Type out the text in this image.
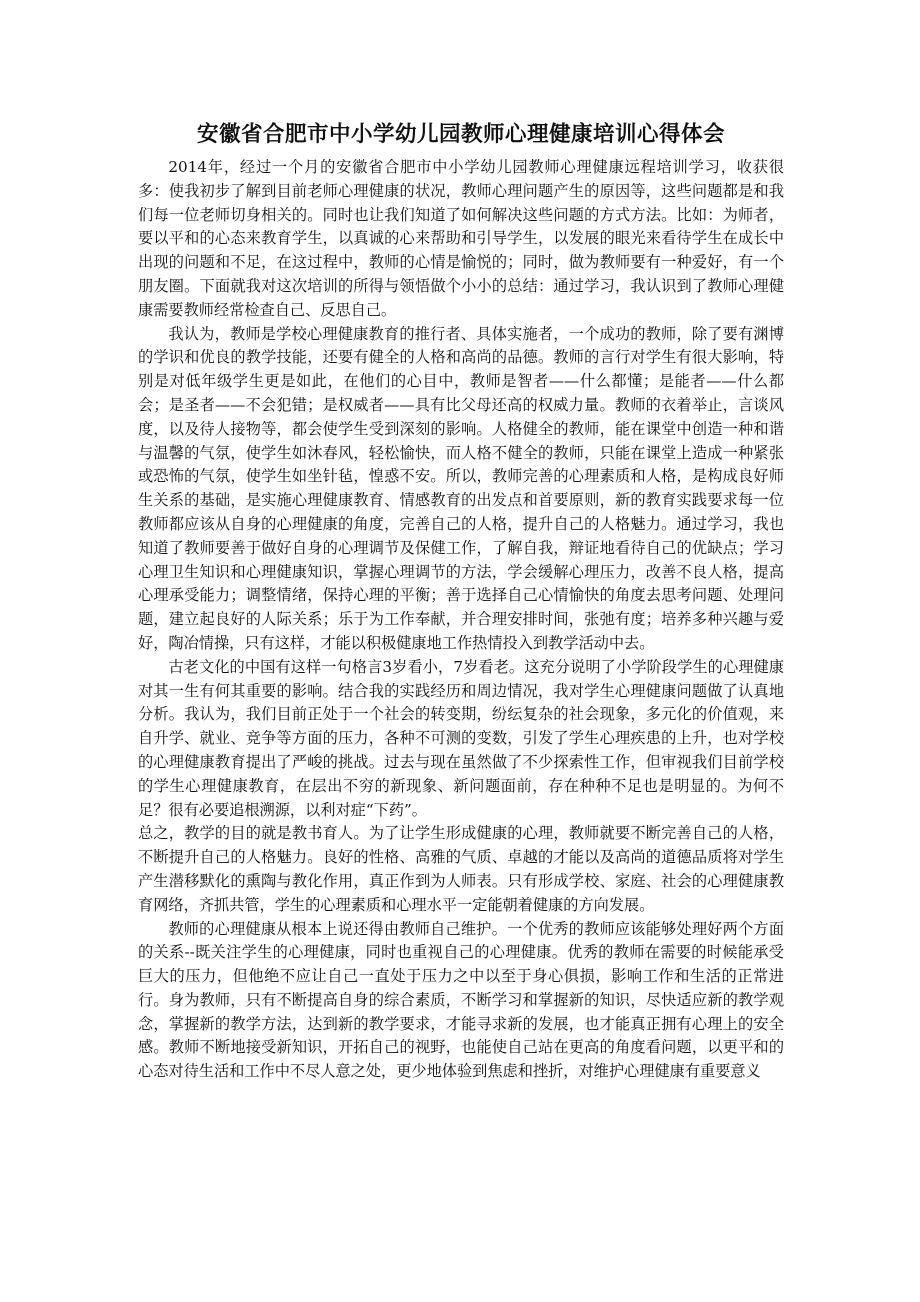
安徽省合肥市中小学幼儿园教师心理健康培训心得体会

2014年，经过一个月的安徽省合肥市中小学幼儿园教师心理健康远程培训学习，收获很多：使我初步了解到目前老师心理健康的状况，教师心理问题产生的原因等，这些问题都是和我们每一位老师切身相关的。同时也让我们知道了如何解决这些问题的方式方法。比如：为师者，要以平和的心态来教育学生，以真诚的心来帮助和引导学生，以发展的眼光来看待学生在成长中出现的问题和不足，在这过程中，教师的心情是愉悦的；同时，做为教师要有一种爱好，有一个朋友圈。下面就我对这次培训的所得与领悟做个小小的总结：通过学习，我认识到了教师心理健康需要教师经常检查自己、反思自己。

我认为，教师是学校心理健康教育的推行者、具体实施者，一个成功的教师，除了要有渊博的学识和优良的教学技能，还要有健全的人格和高尚的品德。教师的言行对学生有很大影响，特别是对低年级学生更是如此，在他们的心目中，教师是智者——什么都懂；是能者——什么都会；是圣者——不会犯错；是权威者——具有比父母还高的权威力量。教师的衣着举止，言谈风度，以及待人接物等，都会使学生受到深刻的影响。人格健全的教师，能在课堂中创造一种和谐与温馨的气氛，使学生如沐春风，轻松愉快，而人格不健全的教师，只能在课堂上造成一种紧张或恐怖的气氛，使学生如坐针毡，惶惑不安。所以，教师完善的心理素质和人格，是构成良好师生关系的基础，是实施心理健康教育、情感教育的出发点和首要原则，新的教育实践要求每一位教师都应该从自身的心理健康的角度，完善自己的人格，提升自己的人格魅力。通过学习，我也知道了教师要善于做好自身的心理调节及保健工作，了解自我，辩证地看待自己的优缺点；学习心理卫生知识和心理健康知识，掌握心理调节的方法，学会缓解心理压力，改善不良人格，提高心理承受能力；调整情绪，保持心理的平衡；善于选择自己心情愉快的角度去思考问题、处理问题，建立起良好的人际关系；乐于为工作奉献，并合理安排时间，张弛有度；培养多种兴趣与爱好，陶冶情操，只有这样，才能以积极健康地工作热情投入到教学活动中去。

古老文化的中国有这样一句格言3岁看小，7岁看老。这充分说明了小学阶段学生的心理健康对其一生有何其重要的影响。结合我的实践经历和周边情况，我对学生心理健康问题做了认真地分析。我认为，我们目前正处于一个社会的转变期，纷纭复杂的社会现象，多元化的价值观，来自升学、就业、竞争等方面的压力，各种不可测的变数，引发了学生心理疾患的上升，也对学校的心理健康教育提出了严峻的挑战。过去与现在虽然做了不少探索性工作，但审视我们目前学校的学生心理健康教育，在层出不穷的新现象、新问题面前，存在种种不足也是明显的。为何不足？很有必要追根溯源，以利对症“下药”。

总之，教学的目的就是教书育人。为了让学生形成健康的心理，教师就要不断完善自己的人格，不断提升自己的人格魅力。良好的性格、高雅的气质、卓越的才能以及高尚的道德品质将对学生产生潜移默化的熏陶与教化作用，真正作到为人师表。只有形成学校、家庭、社会的心理健康教育网络，齐抓共管，学生的心理素质和心理水平一定能朝着健康的方向发展。

教师的心理健康从根本上说还得由教师自己维护。一个优秀的教师应该能够处理好两个方面的关系--既关注学生的心理健康，同时也重视自己的心理健康。优秀的教师在需要的时候能承受巨大的压力，但他绝不应让自己一直处于压力之中以至于身心俱损，影响工作和生活的正常进行。身为教师，只有不断提高自身的综合素质，不断学习和掌握新的知识，尽快适应新的教学观念，掌握新的教学方法，达到新的教学要求，才能寻求新的发展，也才能真正拥有心理上的安全感。教师不断地接受新知识，开拓自己的视野，也能使自己站在更高的角度看问题，以更平和的心态对待生活和工作中不尽人意之处，更少地体验到焦虑和挫折，对维护心理健康有重要意义
